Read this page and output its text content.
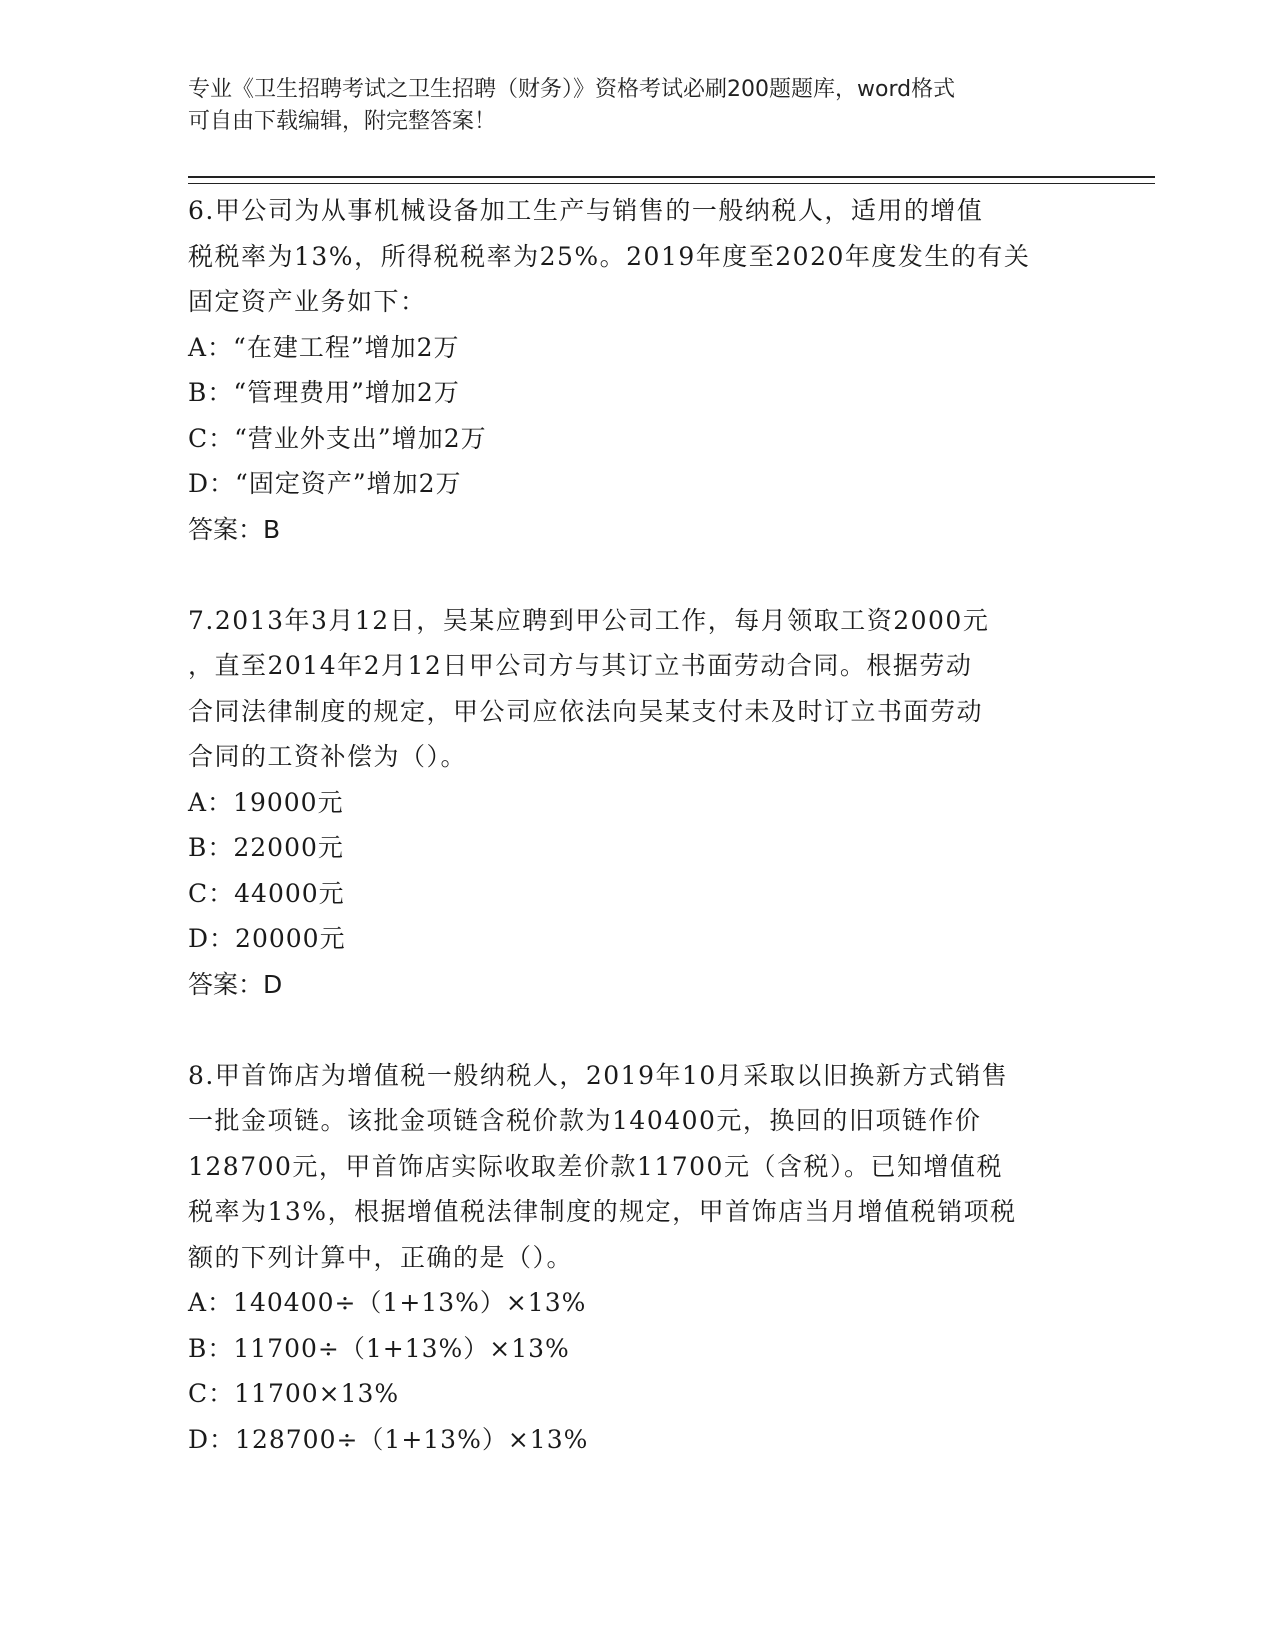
专业《卫生招聘考试之卫生招聘（财务）》资格考试必刷200题题库，word格式
可自由下载编辑，附完整答案！
6.甲公司为从事机械设备加工生产与销售的一般纳税人，适用的增值
税税率为13%，所得税税率为25%。2019年度至2020年度发生的有关
固定资产业务如下：
A：“在建工程”增加2万
B：“管理费用”增加2万
C：“营业外支出”增加2万
D：“固定资产”增加2万
答案：B
7.2013年3月12日，吴某应聘到甲公司工作，每月领取工资2000元
，直至2014年2月12日甲公司方与其订立书面劳动合同。根据劳动
合同法律制度的规定，甲公司应依法向吴某支付未及时订立书面劳动
合同的工资补偿为（）。
A：19000元
B：22000元
C：44000元
D：20000元
答案：D
8.甲首饰店为增值税一般纳税人，2019年10月采取以旧换新方式销售
一批金项链。该批金项链含税价款为140400元，换回的旧项链作价
128700元，甲首饰店实际收取差价款11700元（含税）。已知增值税
税率为13%，根据增值税法律制度的规定，甲首饰店当月增值税销项税
额的下列计算中，正确的是（）。
A：140400÷（1+13%）×13%
B：11700÷（1+13%）×13%
C：11700×13%
D：128700÷（1+13%）×13%
